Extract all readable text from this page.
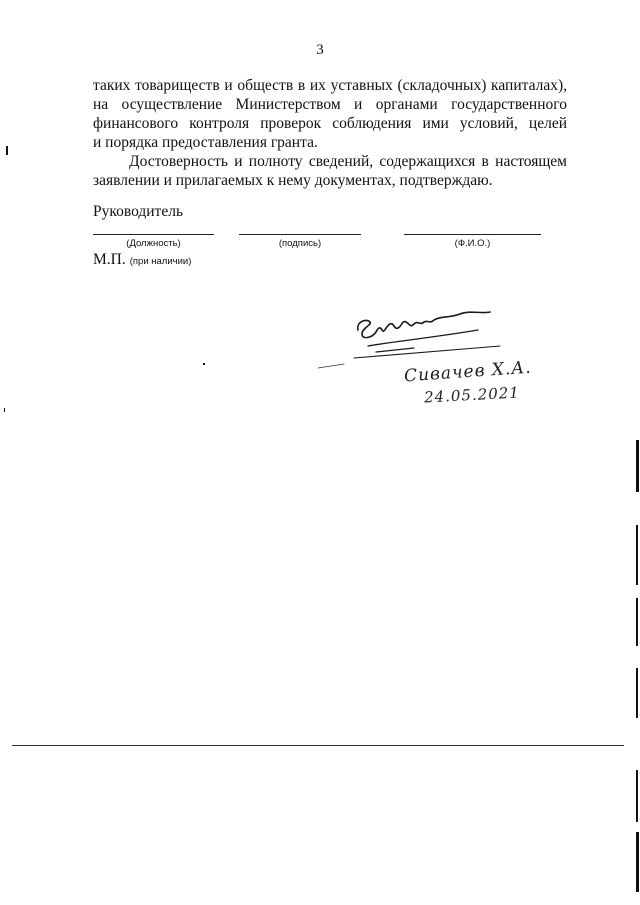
3
таких товариществ и обществ в их уставных (складочных) капиталах),
на осуществление Министерством и органами государственного
финансового контроля проверок соблюдения ими условий, целей
и порядка предоставления гранта.
Достоверность и полноту сведений, содержащихся в настоящем
заявлении и прилагаемых к нему документах, подтверждаю.
Руководитель
(Должность)	(подпись)	(Ф.И.О.)
М.П. (при наличии)
Сивачев Х.А.
24.05.2021
